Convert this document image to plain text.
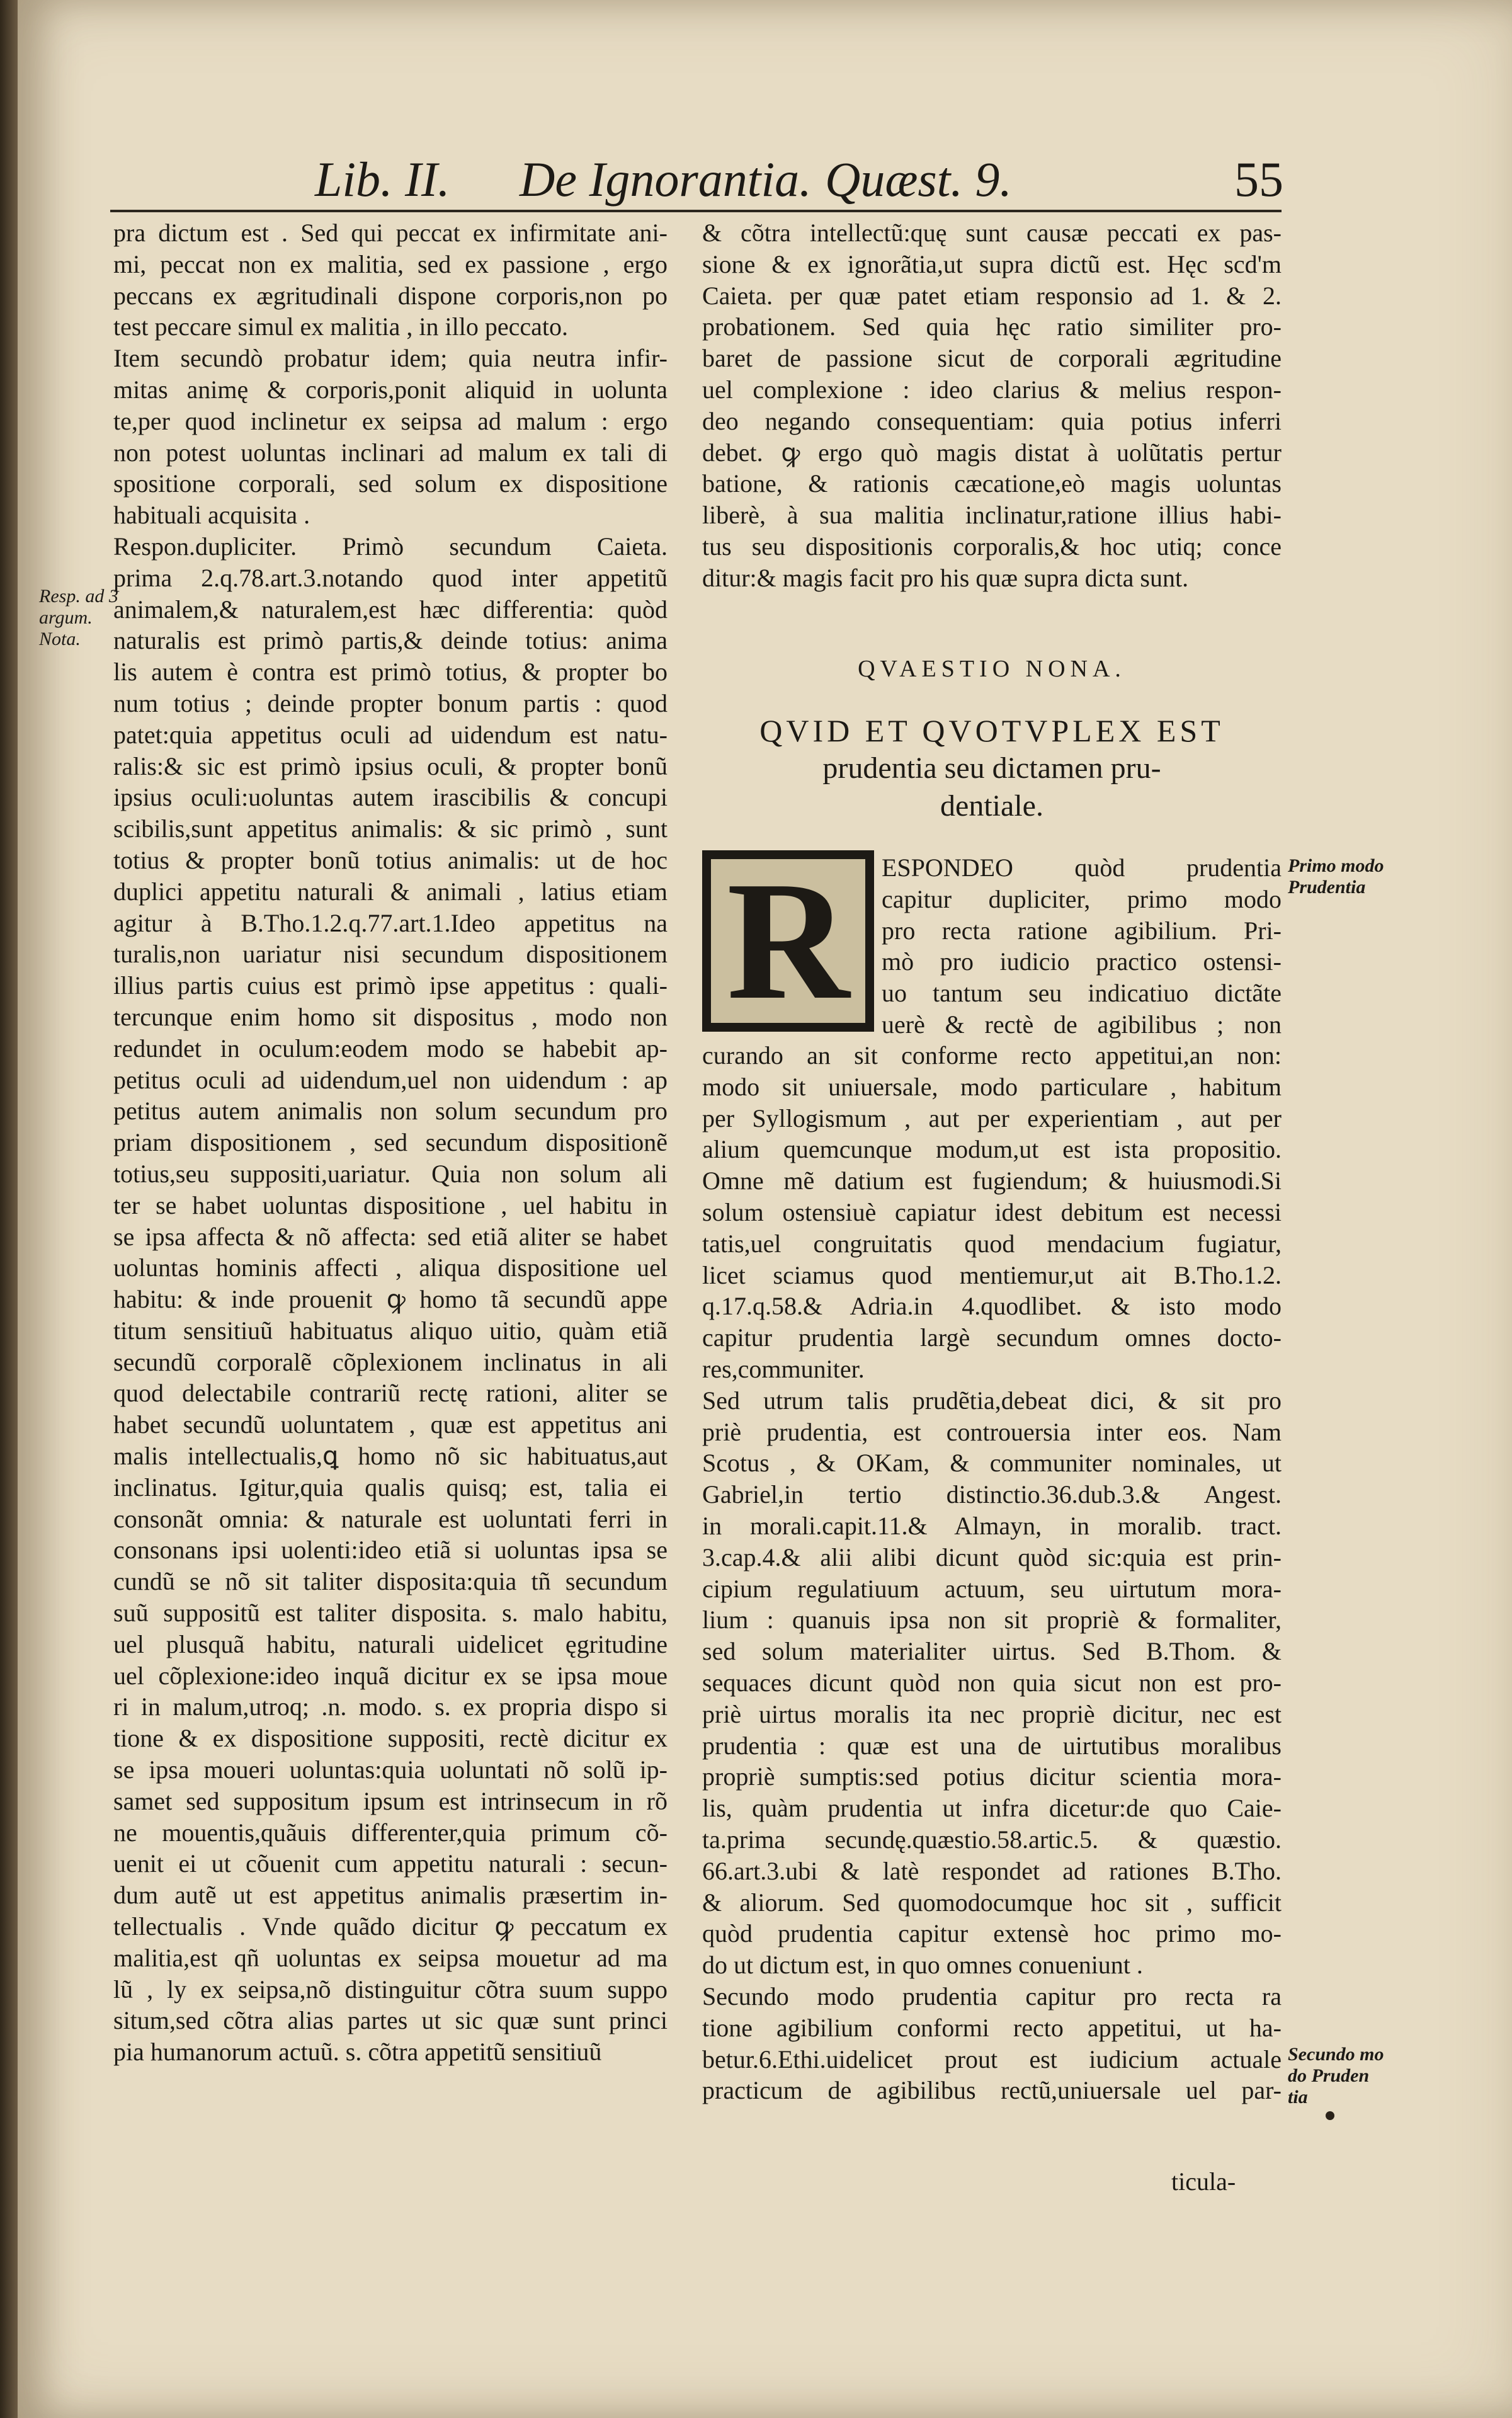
Lib. II. De Ignorantia. Quæst. 9.	55
pra dictum est . Sed qui peccat ex infirmitate ani-
mi, peccat non ex malitia, sed ex passione , ergo
peccans ex ægritudinali dispone corporis,non po
test peccare simul ex malitia , in illo peccato.
Item secundò probatur idem; quia neutra infir-
mitas animę & corporis,ponit aliquid in uolunta
te,per quod inclinetur ex seipsa ad malum : ergo
non potest uoluntas inclinari ad malum ex tali di
spositione corporali, sed solum ex dispositione
habituali acquisita .
Respon.dupliciter. Primò secundum Caieta.
prima 2.q.78.art.3.notando quod inter appetitũ
animalem,& naturalem,est hæc differentia: quòd
naturalis est primò partis,& deinde totius: anima
lis autem è contra est primò totius, & propter bo
num totius ; deinde propter bonum partis : quod
patet:quia appetitus oculi ad uidendum est natu-
ralis:& sic est primò ipsius oculi, & propter bonũ
ipsius oculi:uoluntas autem irascibilis & concupi
scibilis,sunt appetitus animalis: & sic primò , sunt
totius & propter bonũ totius animalis: ut de hoc
duplici appetitu naturali & animali , latius etiam
agitur à B.Tho.1.2.q.77.art.1.Ideo appetitus na
turalis,non uariatur nisi secundum dispositionem
illius partis cuius est primò ipse appetitus : quali-
tercunque enim homo sit dispositus , modo non
redundet in oculum:eodem modo se habebit ap-
petitus oculi ad uidendum,uel non uidendum : ap
petitus autem animalis non solum secundum pro
priam dispositionem , sed secundum dispositionẽ
totius,seu suppositi,uariatur. Quia non solum ali
ter se habet uoluntas dispositione , uel habitu in
se ipsa affecta & nõ affecta: sed etiã aliter se habet
uoluntas hominis affecti , aliqua dispositione uel
habitu: & inde prouenit ꝙ homo tã secundũ appe
titum sensitiuũ habituatus aliquo uitio, quàm etiã
secundũ corporalẽ cõplexionem inclinatus in ali
quod delectabile contrariũ rectę rationi, aliter se
habet secundũ uoluntatem , quæ est appetitus ani
malis intellectualis,ꝗ homo nõ sic habituatus,aut
inclinatus. Igitur,quia qualis quisq; est, talia ei
consonãt omnia: & naturale est uoluntati ferri in
consonans ipsi uolenti:ideo etiã si uoluntas ipsa se
cundũ se nõ sit taliter disposita:quia tñ secundum
suũ suppositũ est taliter disposita. s. malo habitu,
uel plusquã habitu, naturali uidelicet ęgritudine
uel cõplexione:ideo inquã dicitur ex se ipsa moue
ri in malum,utroq; .n. modo. s. ex propria dispo si
tione & ex dispositione suppositi, rectè dicitur ex
se ipsa moueri uoluntas:quia uoluntati nõ solũ ip-
samet sed suppositum ipsum est intrinsecum in rõ
ne mouentis,quãuis differenter,quia primum cõ-
uenit ei ut cõuenit cum appetitu naturali : secun-
dum autẽ ut est appetitus animalis præsertim in-
tellectualis . Vnde quãdo dicitur ꝙ peccatum ex
malitia,est qñ uoluntas ex seipsa mouetur ad ma
lũ , ly ex seipsa,nõ distinguitur cõtra suum suppo
situm,sed cõtra alias partes ut sic quæ sunt princi
pia humanorum actuũ. s. cõtra appetitũ sensitiuũ
& cõtra intellectũ:quę sunt causæ peccati ex pas-
sione & ex ignorãtia,ut supra dictũ est. Hęc scd'm
Caieta. per quæ patet etiam responsio ad 1. & 2.
probationem. Sed quia hęc ratio similiter pro-
baret de passione sicut de corporali ægritudine
uel complexione : ideo clarius & melius respon-
deo negando consequentiam: quia potius inferri
debet. ꝙ ergo quò magis distat à uolũtatis pertur
batione, & rationis cæcatione,eò magis uoluntas
liberè, à sua malitia inclinatur,ratione illius habi-
tus seu dispositionis corporalis,& hoc utiq; conce
ditur:& magis facit pro his quæ supra dicta sunt.
QVAESTIO NONA.
QVID ET QVOTVPLEX EST
prudentia seu dictamen pru-
dentiale.
R	ESPONDEO quòd prudentia
capitur dupliciter, primo modo
pro recta ratione agibilium. Pri-
mò pro iudicio practico ostensi-
uo tantum seu indicatiuo dictãte
uerè & rectè de agibilibus ; non
curando an sit conforme recto appetitui,an non:
modo sit uniuersale, modo particulare , habitum
per Syllogismum , aut per experientiam , aut per
alium quemcunque modum,ut est ista propositio.
Omne mẽ datium est fugiendum; & huiusmodi.Si
solum ostensiuè capiatur idest debitum est necessi
tatis,uel congruitatis quod mendacium fugiatur,
licet sciamus quod mentiemur,ut ait B.Tho.1.2.
q.17.q.58.& Adria.in 4.quodlibet. & isto modo
capitur prudentia largè secundum omnes docto-
res,communiter.
Sed utrum talis prudẽtia,debeat dici, & sit pro
priè prudentia, est controuersia inter eos. Nam
Scotus , & OKam, & communiter nominales, ut
Gabriel,in tertio distinctio.36.dub.3.& Angest.
in morali.capit.11.& Almayn, in moralib. tract.
3.cap.4.& alii alibi dicunt quòd sic:quia est prin-
cipium regulatiuum actuum, seu uirtutum mora-
lium : quanuis ipsa non sit propriè & formaliter,
sed solum materialiter uirtus. Sed B.Thom. &
sequaces dicunt quòd non quia sicut non est pro-
priè uirtus moralis ita nec propriè dicitur, nec est
prudentia : quæ est una de uirtutibus moralibus
propriè sumptis:sed potius dicitur scientia mora-
lis, quàm prudentia ut infra dicetur:de quo Caie-
ta.prima secundę.quæstio.58.artic.5. & quæstio.
66.art.3.ubi & latè respondet ad rationes B.Tho.
& aliorum. Sed quomodocumque hoc sit , sufficit
quòd prudentia capitur extensè hoc primo mo-
do ut dictum est, in quo omnes conueniunt .
Secundo modo prudentia capitur pro recta ra
tione agibilium conformi recto appetitui, ut ha-
betur.6.Ethi.uidelicet prout est iudicium actuale
practicum de agibilibus rectũ,uniuersale uel par-
Resp. ad 3
argum.
Nota.
Primo modo
Prudentia
Secundo mo
do Pruden
tia
ticula-
